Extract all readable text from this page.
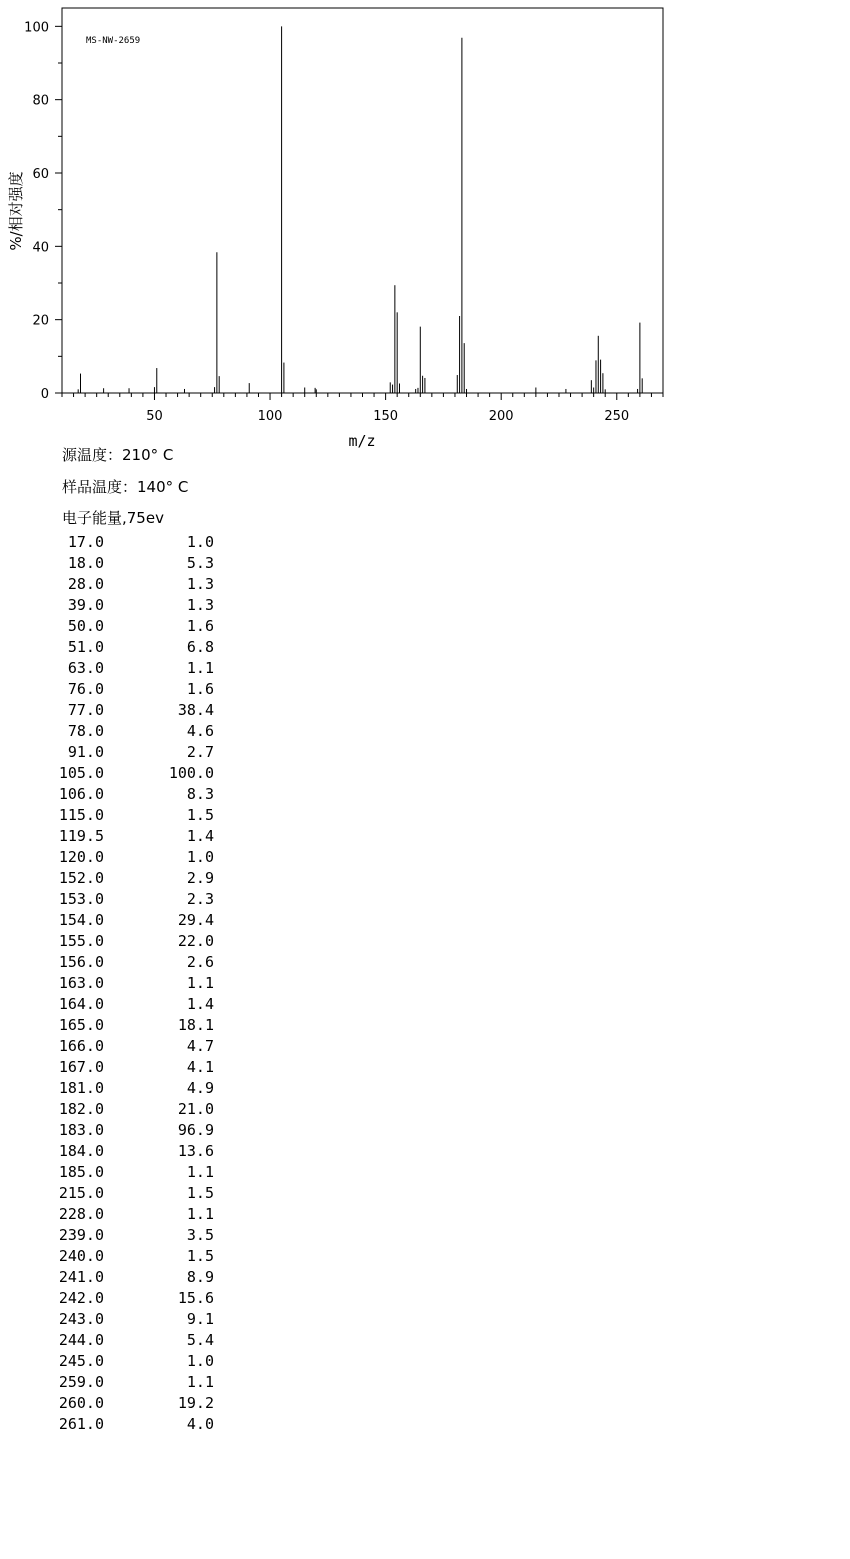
50	100	150	200	250
0
20
40
60
80
100
MS-NW-2659
m/z
%/相对强度
源温度：210° C
样品温度：140° C
电子能量,75ev
17.0	1.0
18.0	5.3
28.0	1.3
39.0	1.3
50.0	1.6
51.0	6.8
63.0	1.1
76.0	1.6
77.0	38.4
78.0	4.6
91.0	2.7
105.0	100.0
106.0	8.3
115.0	1.5
119.5	1.4
120.0	1.0
152.0	2.9
153.0	2.3
154.0	29.4
155.0	22.0
156.0	2.6
163.0	1.1
164.0	1.4
165.0	18.1
166.0	4.7
167.0	4.1
181.0	4.9
182.0	21.0
183.0	96.9
184.0	13.6
185.0	1.1
215.0	1.5
228.0	1.1
239.0	3.5
240.0	1.5
241.0	8.9
242.0	15.6
243.0	9.1
244.0	5.4
245.0	1.0
259.0	1.1
260.0	19.2
261.0	4.0
